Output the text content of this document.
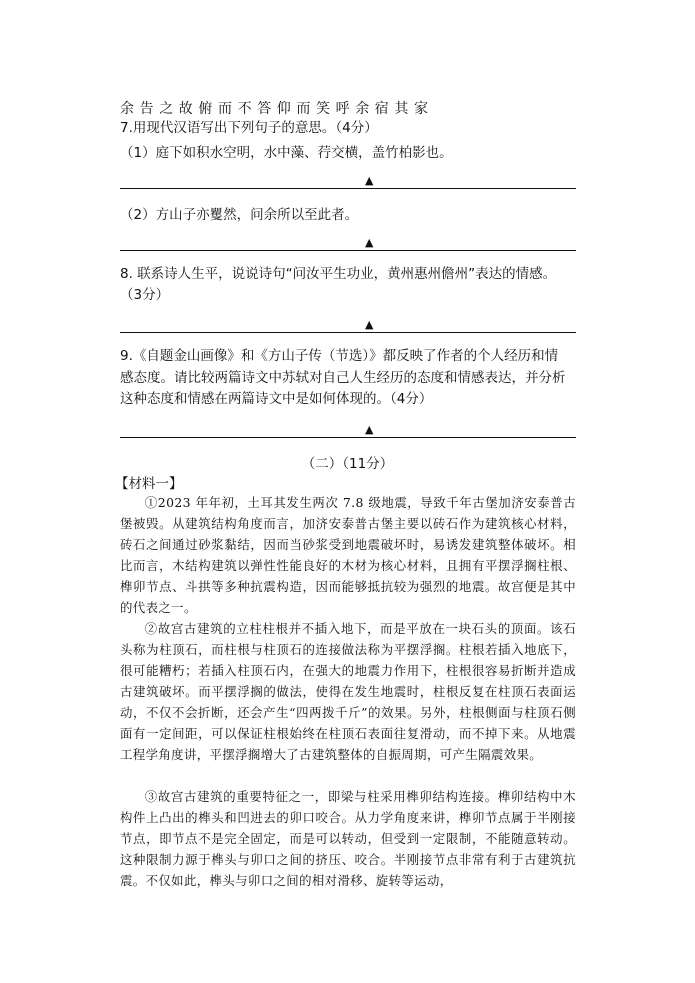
余告之故俯而不答仰而笑呼余宿其家
7.用现代汉语写出下列句子的意思。（4分）
（1）庭下如积水空明，水中藻、荇交横，盖竹柏影也。
▲
（2）方山子亦矍然，问余所以至此者。
▲
8. 联系诗人生平，说说诗句“问汝平生功业，黄州惠州儋州”表达的情感。
（3分）
▲
9.《自题金山画像》和《方山子传（节选）》都反映了作者的个人经历和情
感态度。请比较两篇诗文中苏轼对自己人生经历的态度和情感表达，并分析
这种态度和情感在两篇诗文中是如何体现的。（4分）
▲
（二）（11分）
【材料一】
①2023 年年初，土耳其发生两次 7.8 级地震，导致千年古堡加济安泰普古堡被毁。从建筑结构角度而言，加济安泰普古堡主要以砖石作为建筑核心材料，砖石之间通过砂浆黏结，因而当砂浆受到地震破坏时，易诱发建筑整体破坏。相比而言，木结构建筑以弹性性能良好的木材为核心材料，且拥有平摆浮搁柱根、榫卯节点、斗拱等多种抗震构造，因而能够抵抗较为强烈的地震。故宫便是其中的代表之一。
②故宫古建筑的立柱柱根并不插入地下，而是平放在一块石头的顶面。该石头称为柱顶石，而柱根与柱顶石的连接做法称为平摆浮搁。柱根若插入地底下，很可能糟朽；若插入柱顶石内，在强大的地震力作用下，柱根很容易折断并造成古建筑破坏。而平摆浮搁的做法，使得在发生地震时，柱根反复在柱顶石表面运动，不仅不会折断，还会产生“四两拨千斤”的效果。另外，柱根侧面与柱顶石侧面有一定间距，可以保证柱根始终在柱顶石表面往复滑动，而不掉下来。从地震工程学角度讲，平摆浮搁增大了古建筑整体的自振周期，可产生隔震效果。
③故宫古建筑的重要特征之一，即梁与柱采用榫卯结构连接。榫卯结构中木构件上凸出的榫头和凹进去的卯口咬合。从力学角度来讲，榫卯节点属于半刚接节点，即节点不是完全固定，而是可以转动，但受到一定限制，不能随意转动。这种限制力源于榫头与卯口之间的挤压、咬合。半刚接节点非常有利于古建筑抗震。不仅如此，榫头与卯口之间的相对滑移、旋转等运动，
